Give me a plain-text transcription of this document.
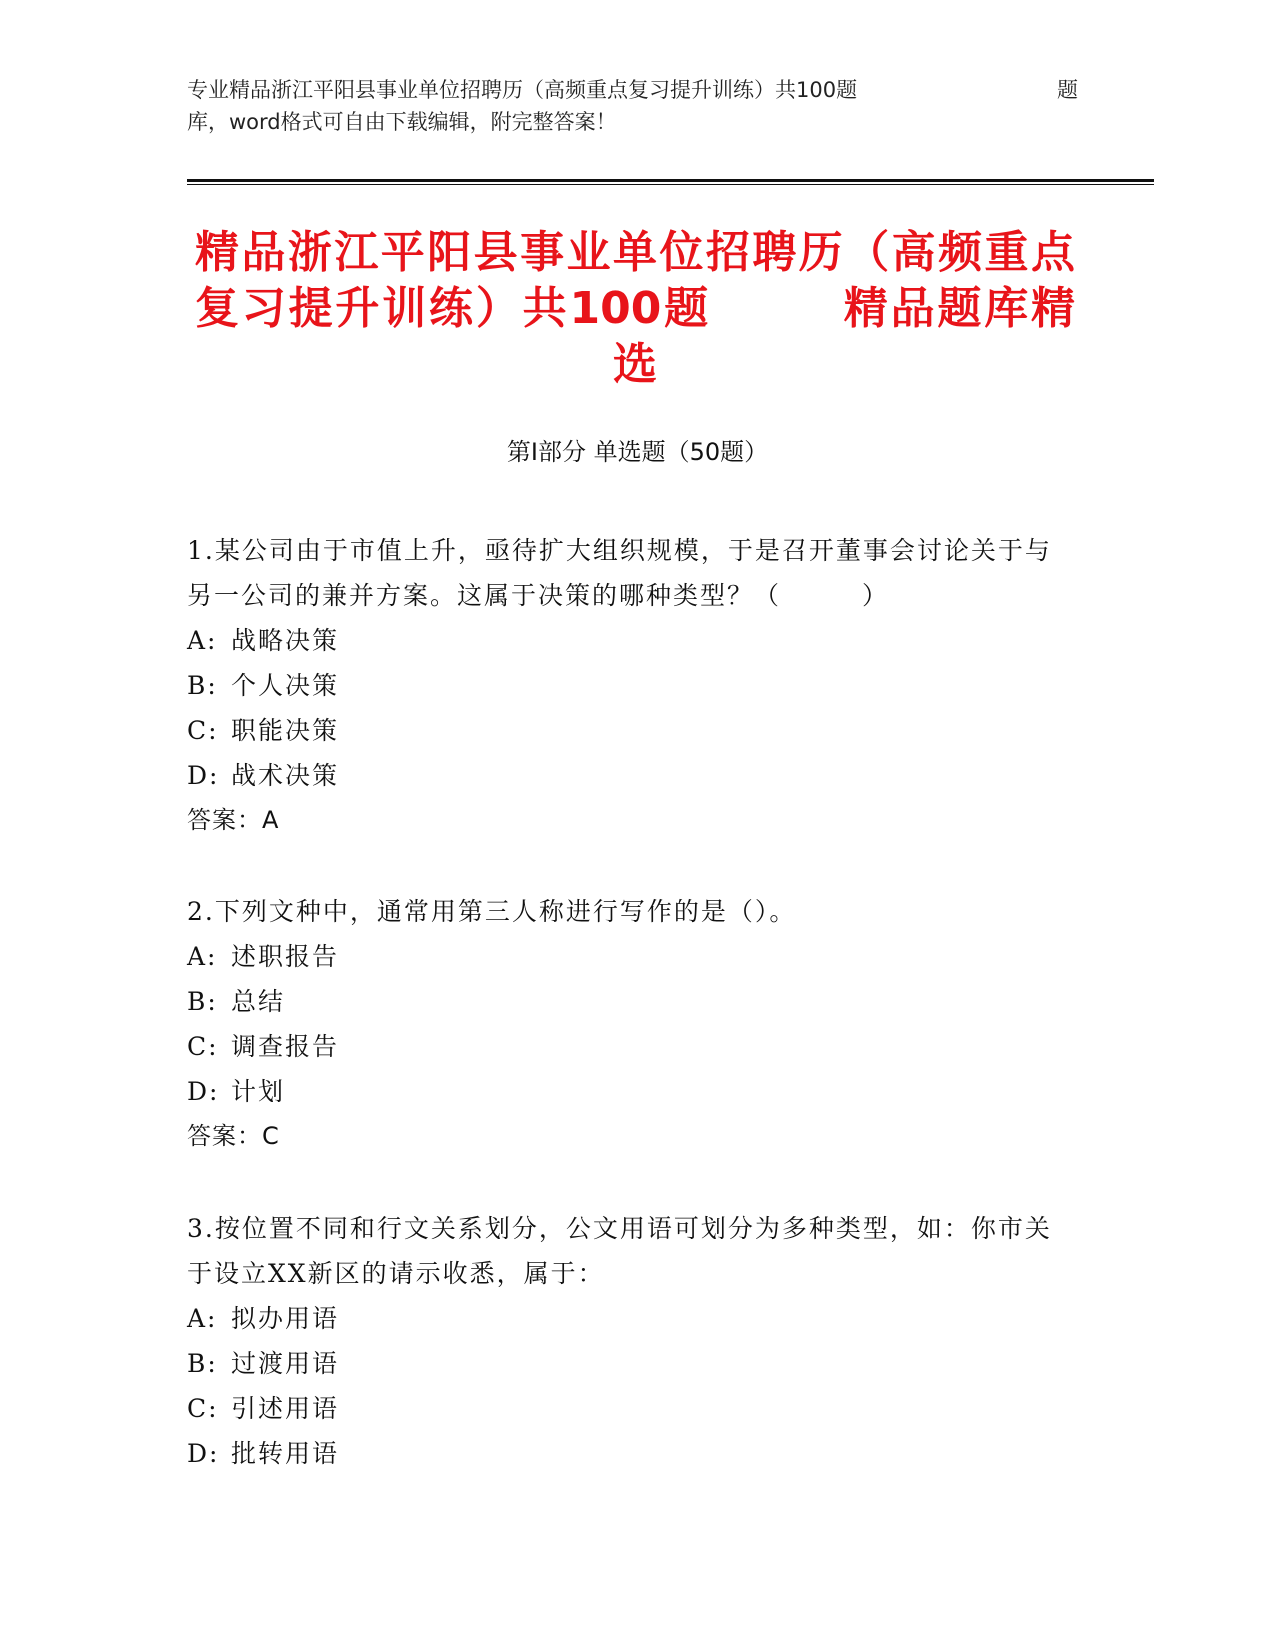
专业精品浙江平阳县事业单位招聘历（高频重点复习提升训练）共100题	题
库，word格式可自由下载编辑，附完整答案！
精品浙江平阳县事业单位招聘历（高频重点
复习提升训练）共100题	精品题库精
选
第I部分 单选题（50题）
1.某公司由于市值上升，亟待扩大组织规模，于是召开董事会讨论关于与另一公司的兼并方案。这属于决策的哪种类型？（　　　）
A: 战略决策
B: 个人决策
C: 职能决策
D: 战术决策
答案：A
2.下列文种中，通常用第三人称进行写作的是（）。
A: 述职报告
B: 总结
C: 调查报告
D: 计划
答案：C
3.按位置不同和行文关系划分，公文用语可划分为多种类型，如：你市关于设立XX新区的请示收悉，属于：
A: 拟办用语
B: 过渡用语
C: 引述用语
D: 批转用语
